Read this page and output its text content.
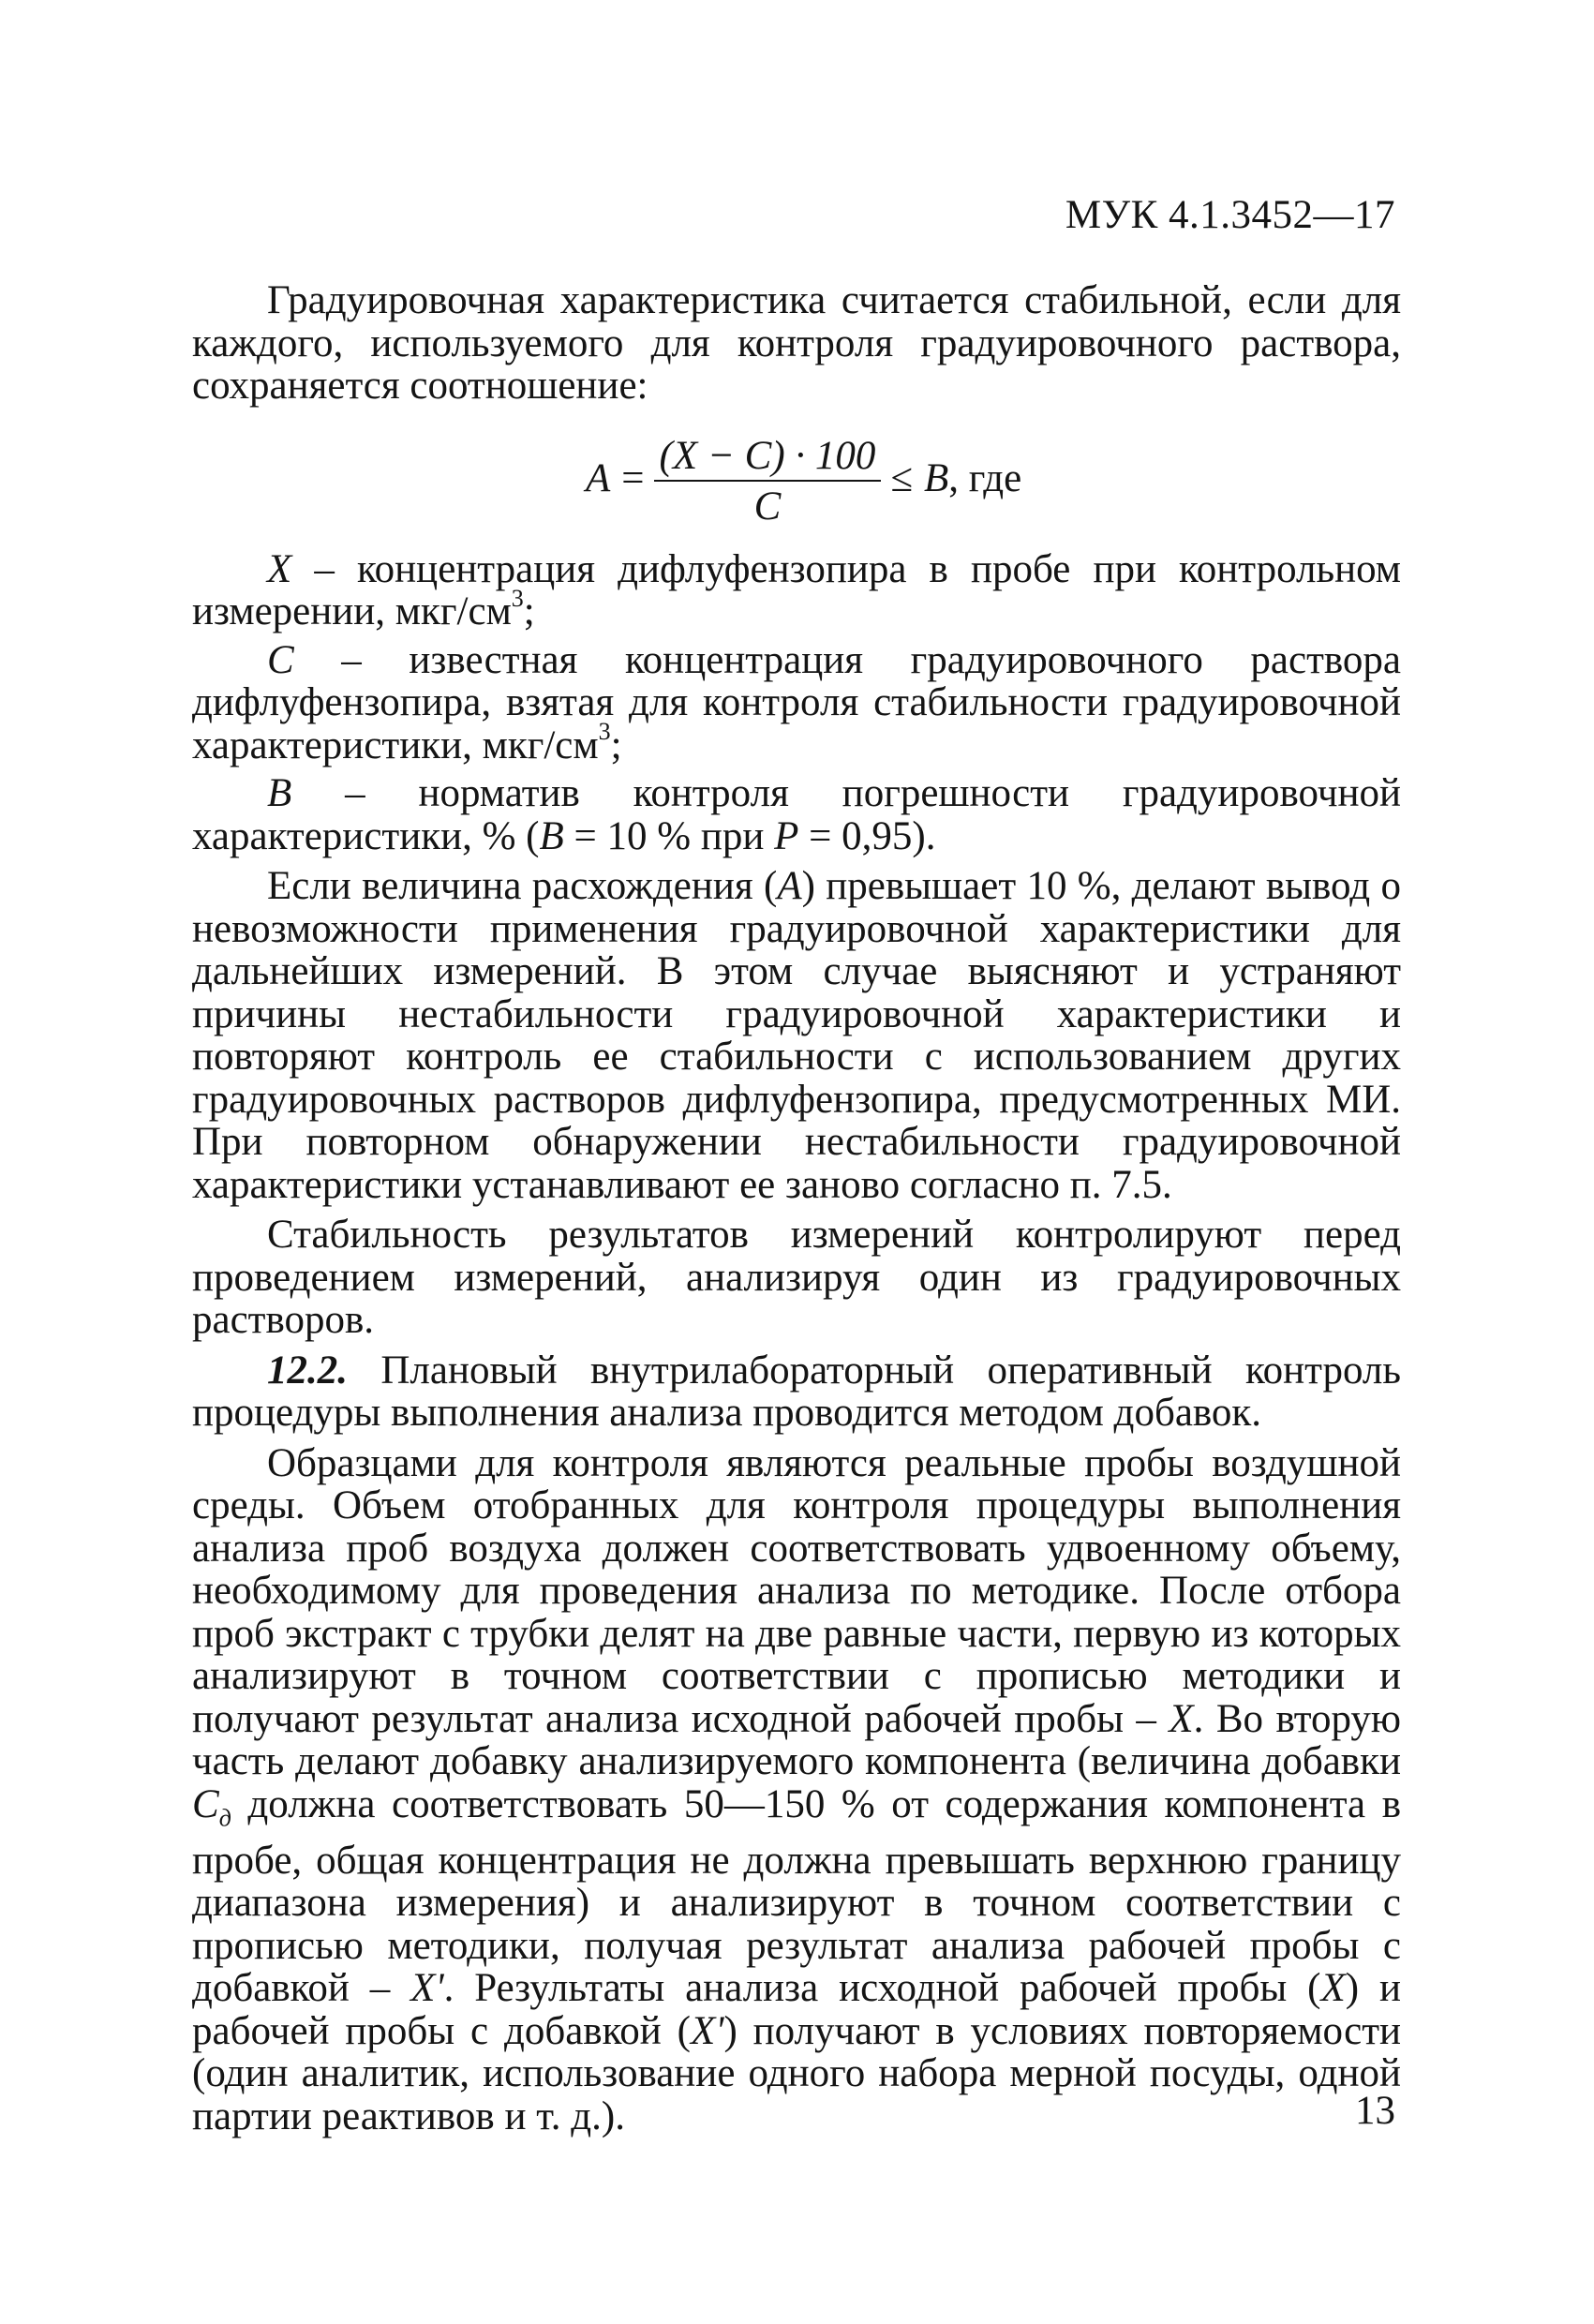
МУК 4.1.3452—17

Градуировочная характеристика считается стабильной, если для каждого, используемого для контроля градуировочного раствора, сохраняется соотношение:

$A = \frac{(X - C) \cdot 100}{C} \le B$ , где

X – концентрация дифлуфензопира в пробе при контрольном измерении, мкг/$см^3$;

C – известная концентрация градуировочного раствора дифлуфензопира, взятая для контроля стабильности градуировочной характеристики, мкг/$см^3$;

B – норматив контроля погрешности градуировочной характеристики, % (B = 10 % при P = 0,95).

Если величина расхождения (A) превышает 10 %, делают вывод о невозможности применения градуировочной характеристики для дальнейших измерений. В этом случае выясняют и устраняют причины нестабильности градуировочной характеристики и повторяют контроль ее стабильности с использованием других градуировочных растворов дифлуфензопира, предусмотренных МИ. При повторном обнаружении нестабильности градуировочной характеристики устанавливают ее заново согласно п. 7.5.

Стабильность результатов измерений контролируют перед проведением измерений, анализируя один из градуировочных растворов.

12.2. Плановый внутрилабораторный оперативный контроль процедуры выполнения анализа проводится методом добавок.

Образцами для контроля являются реальные пробы воздушной среды. Объем отобранных для контроля процедуры выполнения анализа проб воздуха должен соответствовать удвоенному объему, необходимому для проведения анализа по методике. После отбора проб экстракт с трубки делят на две равные части, первую из которых анализируют в точном соответствии с прописью методики и получают результат анализа исходной рабочей пробы – X. Во вторую часть делают добавку анализируемого компонента (величина добавки $C_д$ должна соответствовать 50—150 % от содержания компонента в пробе, общая концентрация не должна превышать верхнюю границу диапазона измерения) и анализируют в точном соответствии с прописью методики, получая результат анализа рабочей пробы с добавкой – X'. Результаты анализа исходной рабочей пробы (X) и рабочей пробы с добавкой (X') получают в условиях повторяемости (один аналитик, использование одного набора мерной посуды, одной партии реактивов и т. д.).	13
